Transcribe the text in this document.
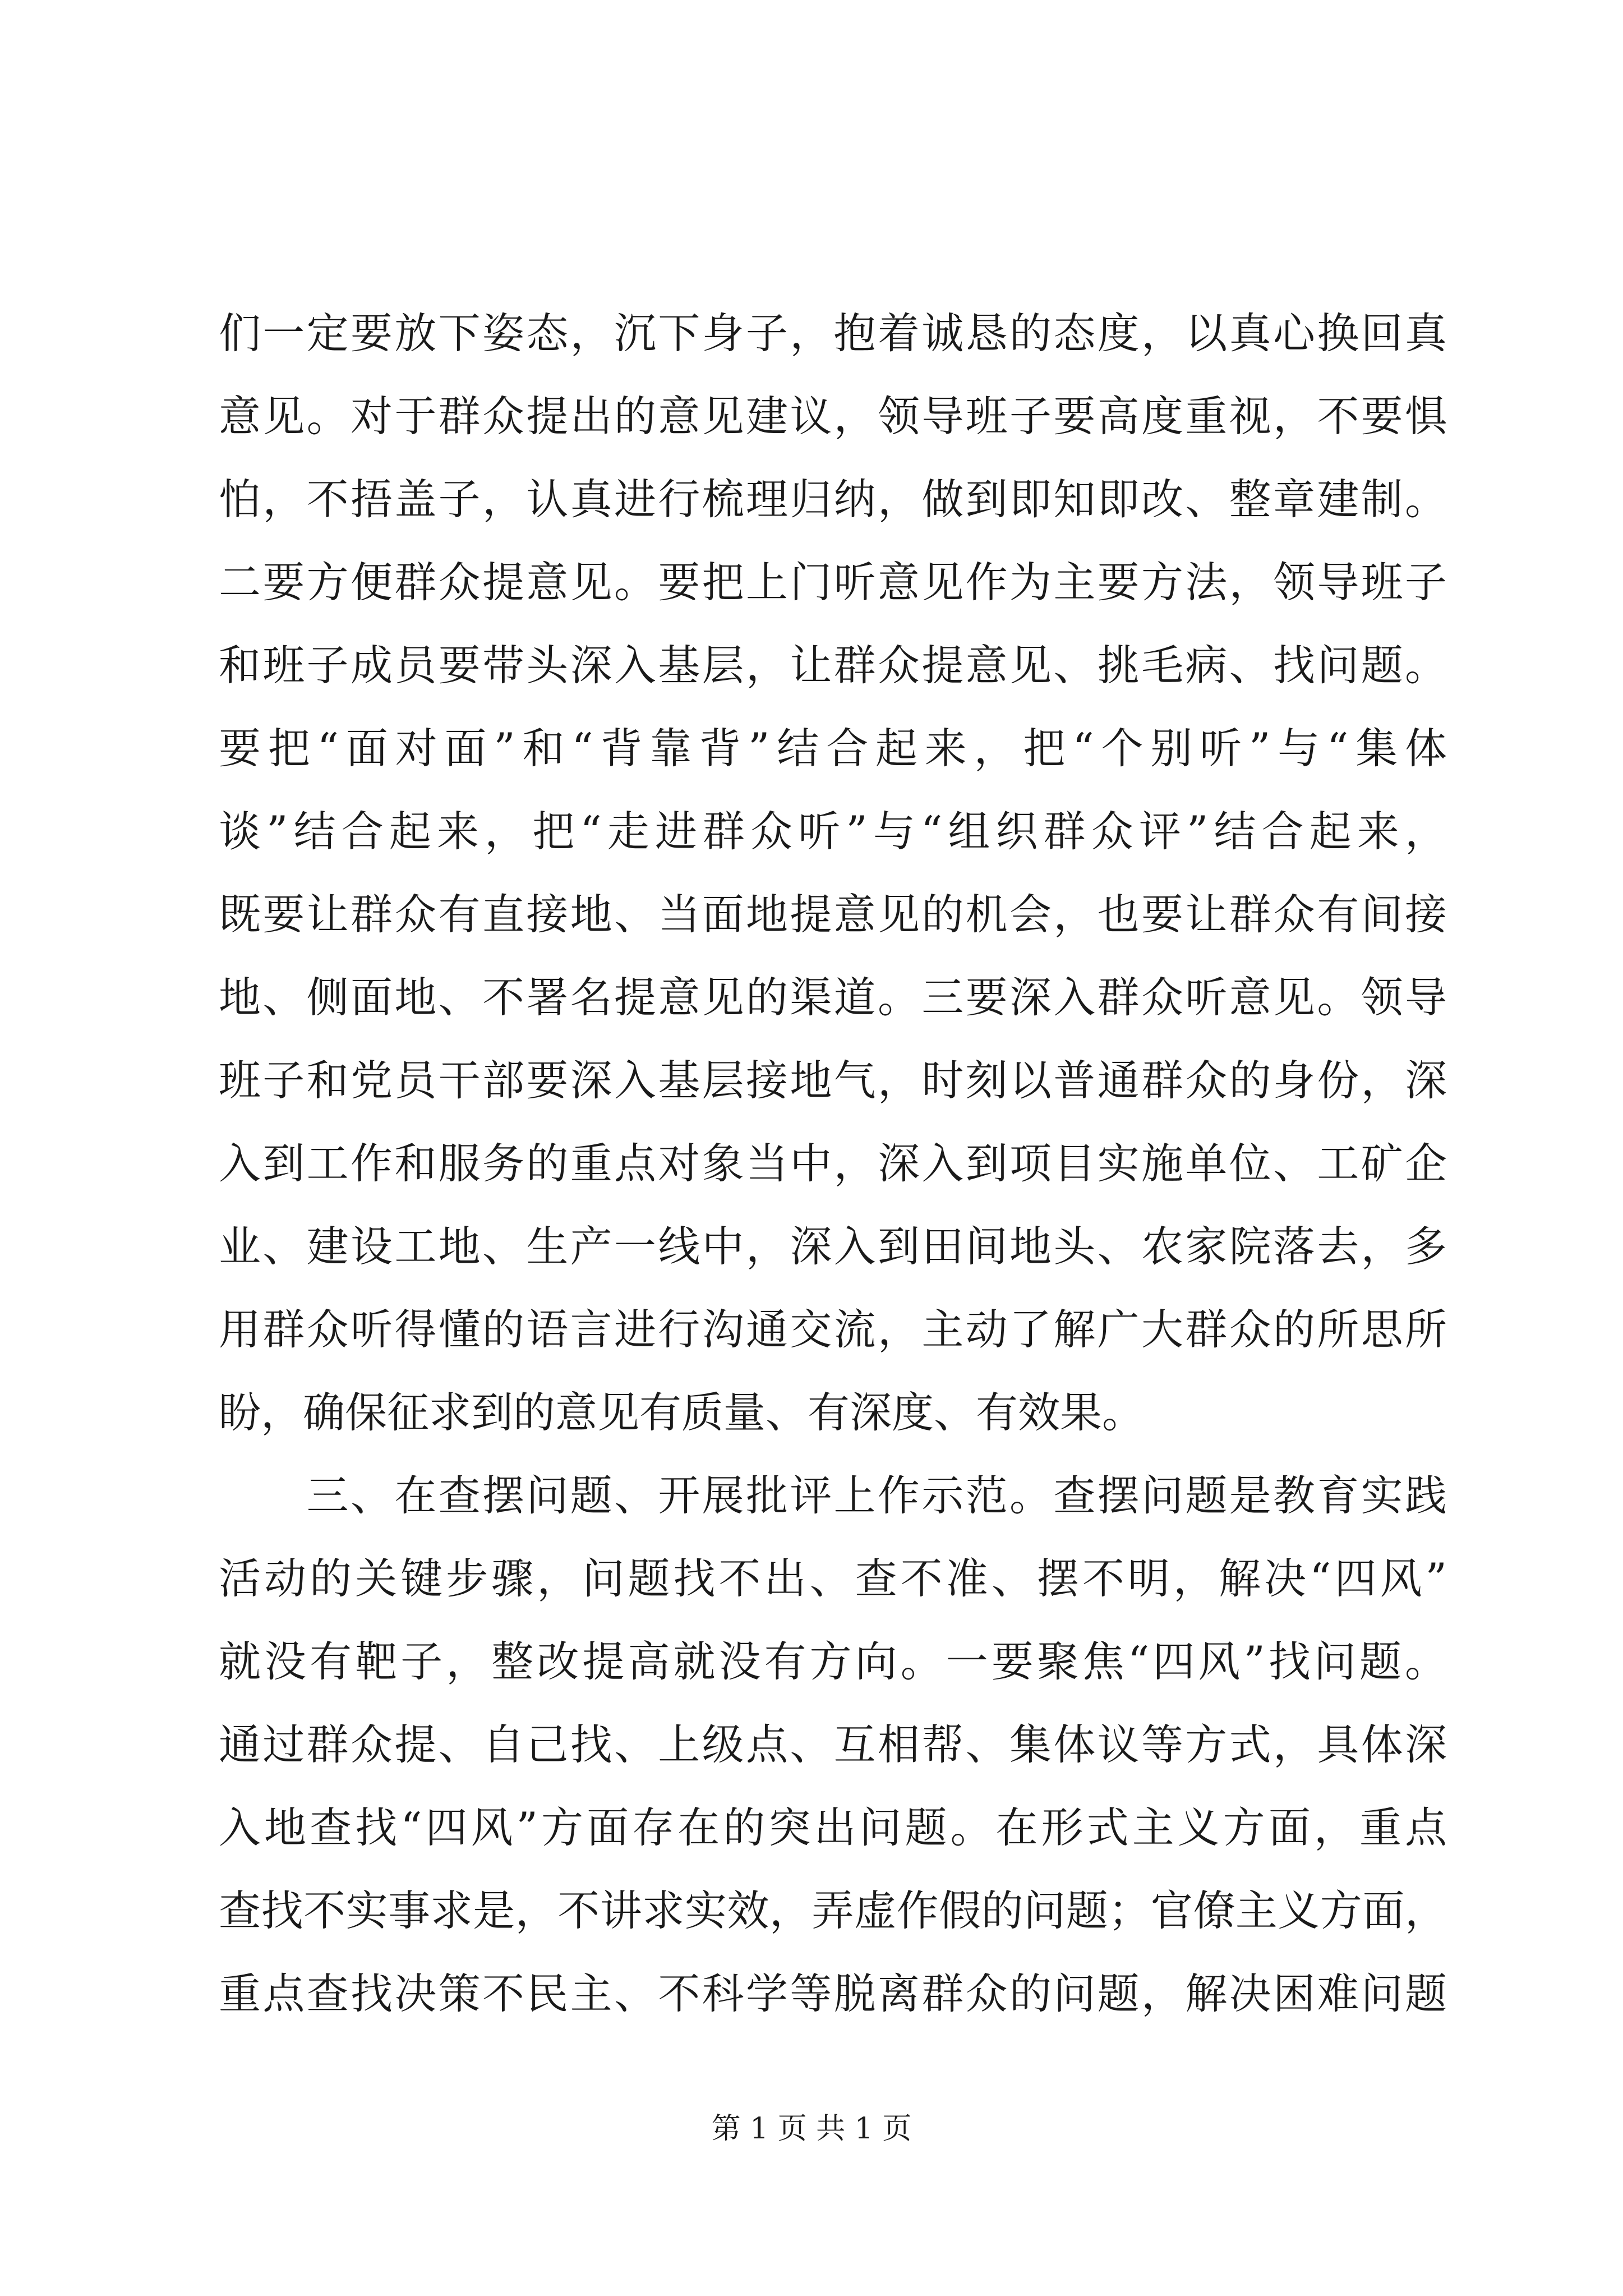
们一定要放下姿态，沉下身子，抱着诚恳的态度，以真心换回真
意见。对于群众提出的意见建议，领导班子要高度重视，不要惧
怕，不捂盖子，认真进行梳理归纳，做到即知即改、整章建制。
二要方便群众提意见。要把上门听意见作为主要方法，领导班子
和班子成员要带头深入基层，让群众提意见、挑毛病、找问题。
要把“面对面”和“背靠背”结合起来，把“个别听”与“集体
谈”结合起来，把“走进群众听”与“组织群众评”结合起来，
既要让群众有直接地、当面地提意见的机会，也要让群众有间接
地、侧面地、不署名提意见的渠道。三要深入群众听意见。领导
班子和党员干部要深入基层接地气，时刻以普通群众的身份，深
入到工作和服务的重点对象当中，深入到项目实施单位、工矿企
业、建设工地、生产一线中，深入到田间地头、农家院落去，多
用群众听得懂的语言进行沟通交流，主动了解广大群众的所思所
盼，确保征求到的意见有质量、有深度、有效果。
　　三、在查摆问题、开展批评上作示范。查摆问题是教育实践
活动的关键步骤，问题找不出、查不准、摆不明，解决“四风”
就没有靶子，整改提高就没有方向。一要聚焦“四风”找问题。
通过群众提、自己找、上级点、互相帮、集体议等方式，具体深
入地查找“四风”方面存在的突出问题。在形式主义方面，重点
查找不实事求是，不讲求实效，弄虚作假的问题；官僚主义方面，
重点查找决策不民主、不科学等脱离群众的问题，解决困难问题
第 1 页 共 1 页
